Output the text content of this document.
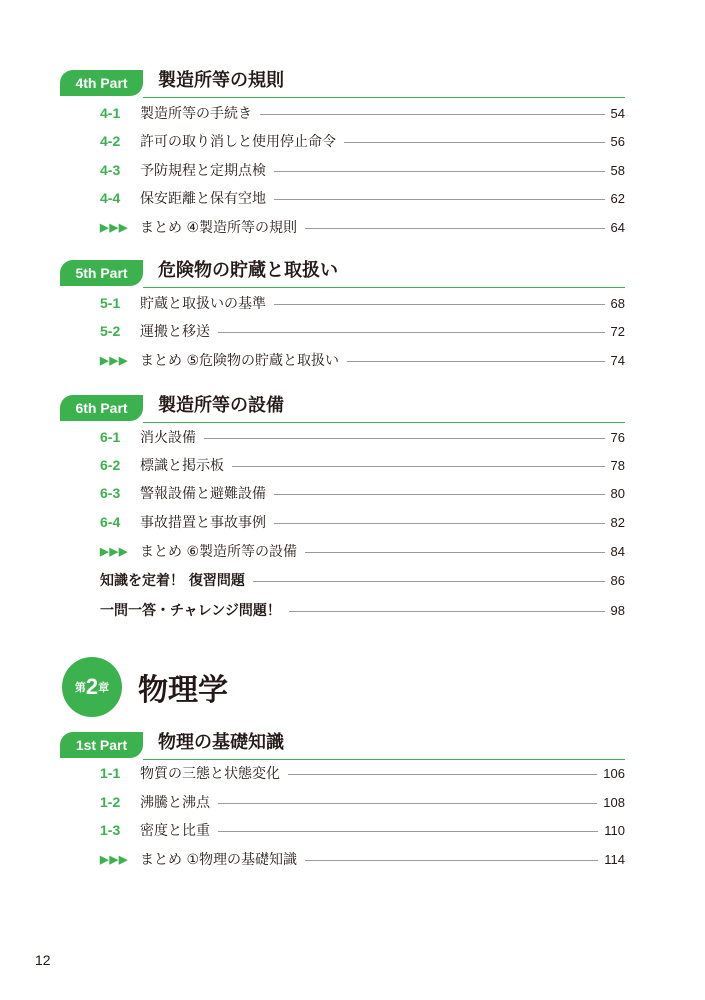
4th Part	製造所等の規則
4-1	製造所等の手続き	54
4-2	許可の取り消しと使用停止命令	56
4-3	予防規程と定期点検	58
4-4	保安距離と保有空地	62
▶▶▶ まとめ ④製造所等の規則	64
5th Part	危険物の貯蔵と取扱い
5-1	貯蔵と取扱いの基準	68
5-2	運搬と移送	72
▶▶▶ まとめ ⑤危険物の貯蔵と取扱い	74
6th Part	製造所等の設備
6-1	消火設備	76
6-2	標識と掲示板	78
6-3	警報設備と避難設備	80
6-4	事故措置と事故事例	82
▶▶▶ まとめ ⑥製造所等の設備	84
知識を定着！ 復習問題	86
一問一答・チャレンジ問題！	98
第2章 物理学
1st Part	物理の基礎知識
1-1	物質の三態と状態変化	106
1-2	沸騰と沸点	108
1-3	密度と比重	110
▶▶▶ まとめ ①物理の基礎知識	114
12
